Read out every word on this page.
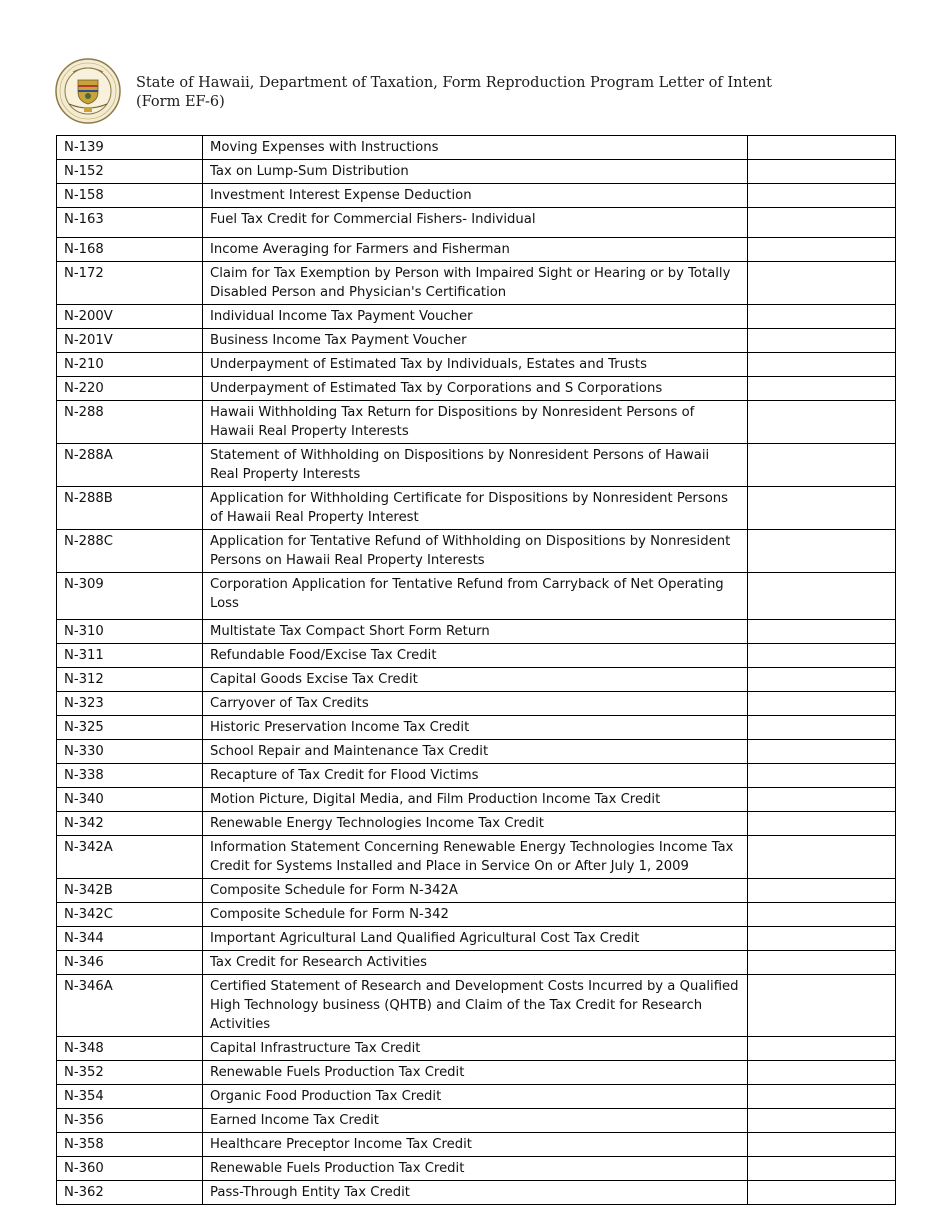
State of Hawaii, Department of Taxation, Form Reproduction Program Letter of Intent
(Form EF-6)
N-139	Moving Expenses with Instructions	
N-152	Tax on Lump-Sum Distribution	
N-158	Investment Interest Expense Deduction	
N-163	Fuel Tax Credit for Commercial Fishers- Individual	
N-168	Income Averaging for Farmers and Fisherman	
N-172	Claim for Tax Exemption by Person with Impaired Sight or Hearing or by Totally Disabled Person and Physician's Certification	
N-200V	Individual Income Tax Payment Voucher	
N-201V	Business Income Tax Payment Voucher	
N-210	Underpayment of Estimated Tax by Individuals, Estates and Trusts	
N-220	Underpayment of Estimated Tax by Corporations and S Corporations	
N-288	Hawaii Withholding Tax Return for Dispositions by Nonresident Persons of Hawaii Real Property Interests	
N-288A	Statement of Withholding on Dispositions by Nonresident Persons of Hawaii Real Property Interests	
N-288B	Application for Withholding Certificate for Dispositions by Nonresident Persons of Hawaii Real Property Interest	
N-288C	Application for Tentative Refund of Withholding on Dispositions by Nonresident Persons on Hawaii Real Property Interests	
N-309	Corporation Application for Tentative Refund from Carryback of Net Operating Loss	
N-310	Multistate Tax Compact Short Form Return	
N-311	Refundable Food/Excise Tax Credit	
N-312	Capital Goods Excise Tax Credit	
N-323	Carryover of Tax Credits	
N-325	Historic Preservation Income Tax Credit	
N-330	School Repair and Maintenance Tax Credit	
N-338	Recapture of Tax Credit for Flood Victims	
N-340	Motion Picture, Digital Media, and Film Production Income Tax Credit	
N-342	Renewable Energy Technologies Income Tax Credit	
N-342A	Information Statement Concerning Renewable Energy Technologies Income Tax Credit for Systems Installed and Place in Service On or After July 1, 2009	
N-342B	Composite Schedule for Form N-342A	
N-342C	Composite Schedule for Form N-342	
N-344	Important Agricultural Land Qualified Agricultural Cost Tax Credit	
N-346	Tax Credit for Research Activities	
N-346A	Certified Statement of Research and Development Costs Incurred by a Qualified High Technology business (QHTB) and Claim of the Tax Credit for Research Activities	
N-348	Capital Infrastructure Tax Credit	
N-352	Renewable Fuels Production Tax Credit	
N-354	Organic Food Production Tax Credit	
N-356	Earned Income Tax Credit	
N-358	Healthcare Preceptor Income Tax Credit	
N-360	Renewable Fuels Production Tax Credit	
N-362	Pass-Through Entity Tax Credit	
